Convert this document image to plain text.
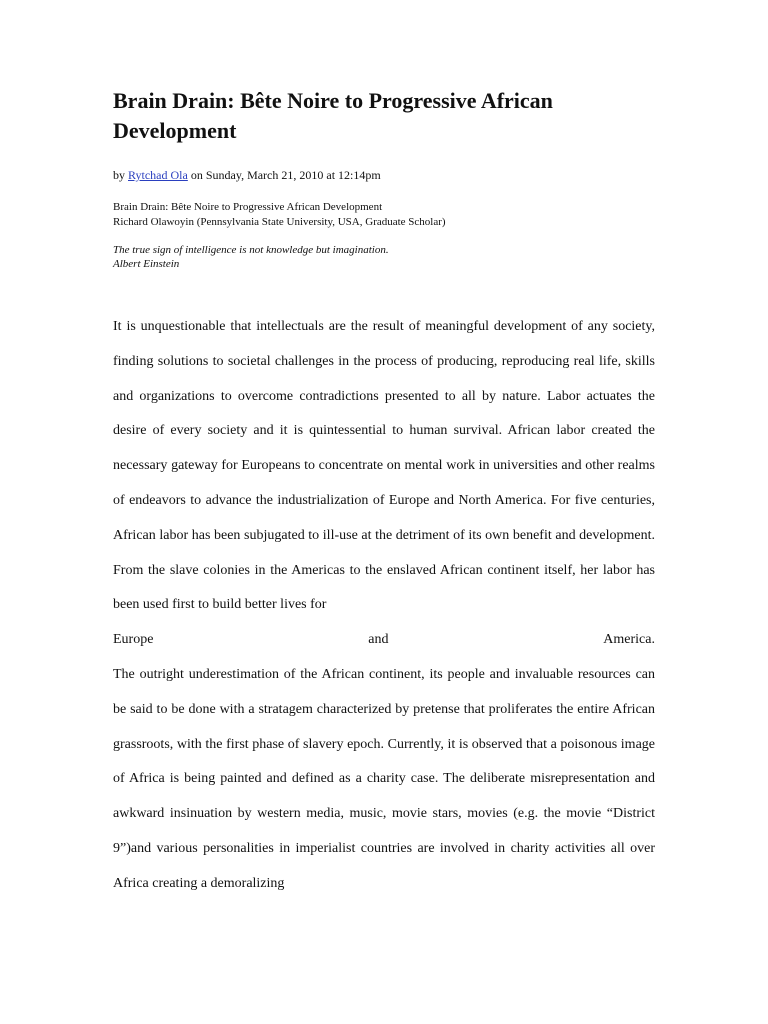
Brain Drain: Bête Noire to Progressive African Development
by Rytchad Ola on Sunday, March 21, 2010 at 12:14pm
Brain Drain: Bête Noire to Progressive African Development
Richard Olawoyin (Pennsylvania State University, USA, Graduate Scholar)
The true sign of intelligence is not knowledge but imagination.
Albert Einstein

It is unquestionable that intellectuals are the result of meaningful development of any society, finding solutions to societal challenges in the process of producing, reproducing real life, skills and organizations to overcome contradictions presented to all by nature. Labor actuates the desire of every society and it is quintessential to human survival. African labor created the necessary gateway for Europeans to concentrate on mental work in universities and other realms of endeavors to advance the industrialization of Europe and North America. For five centuries, African labor has been subjugated to ill-use at the detriment of its own benefit and development. From the slave colonies in the Americas to the enslaved African continent itself, her labor has been used first to build better lives for

Europe	and	America.

The outright underestimation of the African continent, its people and invaluable resources can be said to be done with a stratagem characterized by pretense that proliferates the entire African grassroots, with the first phase of slavery epoch. Currently, it is observed that a poisonous image of Africa is being painted and defined as a charity case. The deliberate misrepresentation and awkward insinuation by western media, music, movie stars, movies (e.g. the movie “District 9”)and various personalities in imperialist countries are involved in charity activities all over Africa creating a demoralizing
